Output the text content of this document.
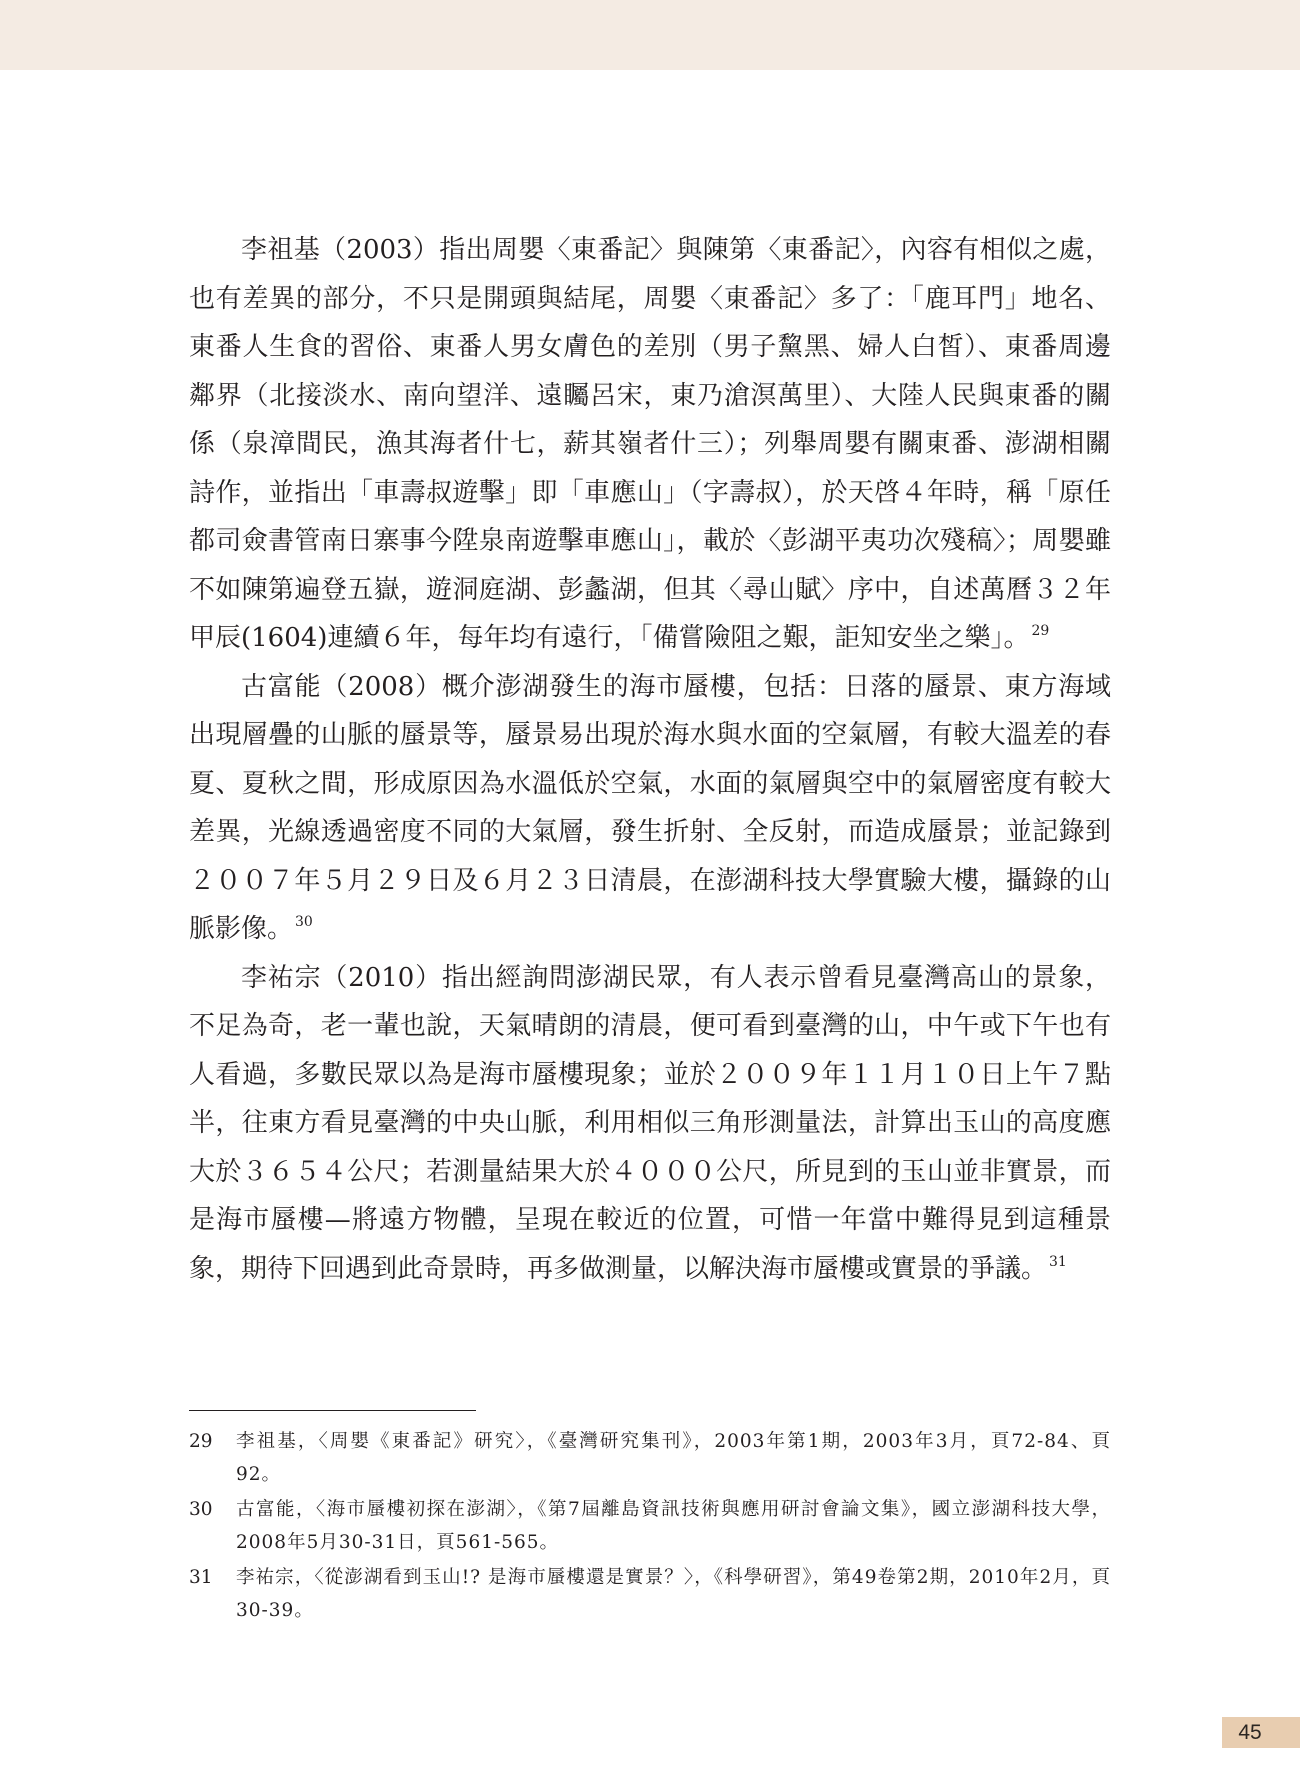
李祖基（2003）指出周嬰〈東番記〉與陳第〈東番記〉，內容有相似之處，也有差異的部分，不只是開頭與結尾，周嬰〈東番記〉多了：「鹿耳門」地名、東番人生食的習俗、東番人男女膚色的差別（男子黧黑、婦人白皙）、東番周邊鄰界（北接淡水、南向望洋、遠矚呂宋，東乃滄溟萬里）、大陸人民與東番的關係（泉漳間民，漁其海者什七，薪其嶺者什三）；列舉周嬰有關東番、澎湖相關詩作，並指出「車壽叔遊擊」即「車應山」（字壽叔），於天啓４年時，稱「原任都司僉書管南日寨事今陞泉南遊擊車應山」，載於〈彭湖平夷功次殘稿〉；周嬰雖不如陳第遍登五嶽，遊洞庭湖、彭蠡湖，但其〈尋山賦〉序中，自述萬曆３２年甲辰(1604)連續６年，每年均有遠行，「備嘗險阻之艱，詎知安坐之樂」。 $^{29}$

古富能（2008）概介澎湖發生的海市蜃樓，包括：日落的蜃景、東方海域出現層疊的山脈的蜃景等，蜃景易出現於海水與水面的空氣層，有較大溫差的春夏、夏秋之間，形成原因為水溫低於空氣，水面的氣層與空中的氣層密度有較大差異，光線透過密度不同的大氣層，發生折射、全反射，而造成蜃景；並記錄到２００７年５月２９日及６月２３日清晨，在澎湖科技大學實驗大樓，攝錄的山脈影像。 $^{30}$

李祐宗（2010）指出經詢問澎湖民眾，有人表示曾看見臺灣高山的景象，不足為奇，老一輩也說，天氣晴朗的清晨，便可看到臺灣的山，中午或下午也有人看過，多數民眾以為是海市蜃樓現象；並於２００９年１１月１０日上午７點半，往東方看見臺灣的中央山脈，利用相似三角形測量法，計算出玉山的高度應大於３６５４公尺；若測量結果大於４０００公尺，所見到的玉山並非實景，而是海市蜃樓—將遠方物體，呈現在較近的位置，可惜一年當中難得見到這種景象，期待下回遇到此奇景時，再多做測量，以解決海市蜃樓或實景的爭議。 $^{31}$

29 李祖基，〈周嬰《東番記》研究〉，《臺灣研究集刊》，2003年第1期，2003年3月，頁72-84、頁92。
30 古富能，〈海市蜃樓初探在澎湖〉，《第7屆離島資訊技術與應用研討會論文集》，國立澎湖科技大學，2008年5月30-31日，頁561-565。
31 李祐宗，〈從澎湖看到玉山!? 是海市蜃樓還是實景？〉，《科學研習》，第49卷第2期，2010年2月，頁30-39。
45
